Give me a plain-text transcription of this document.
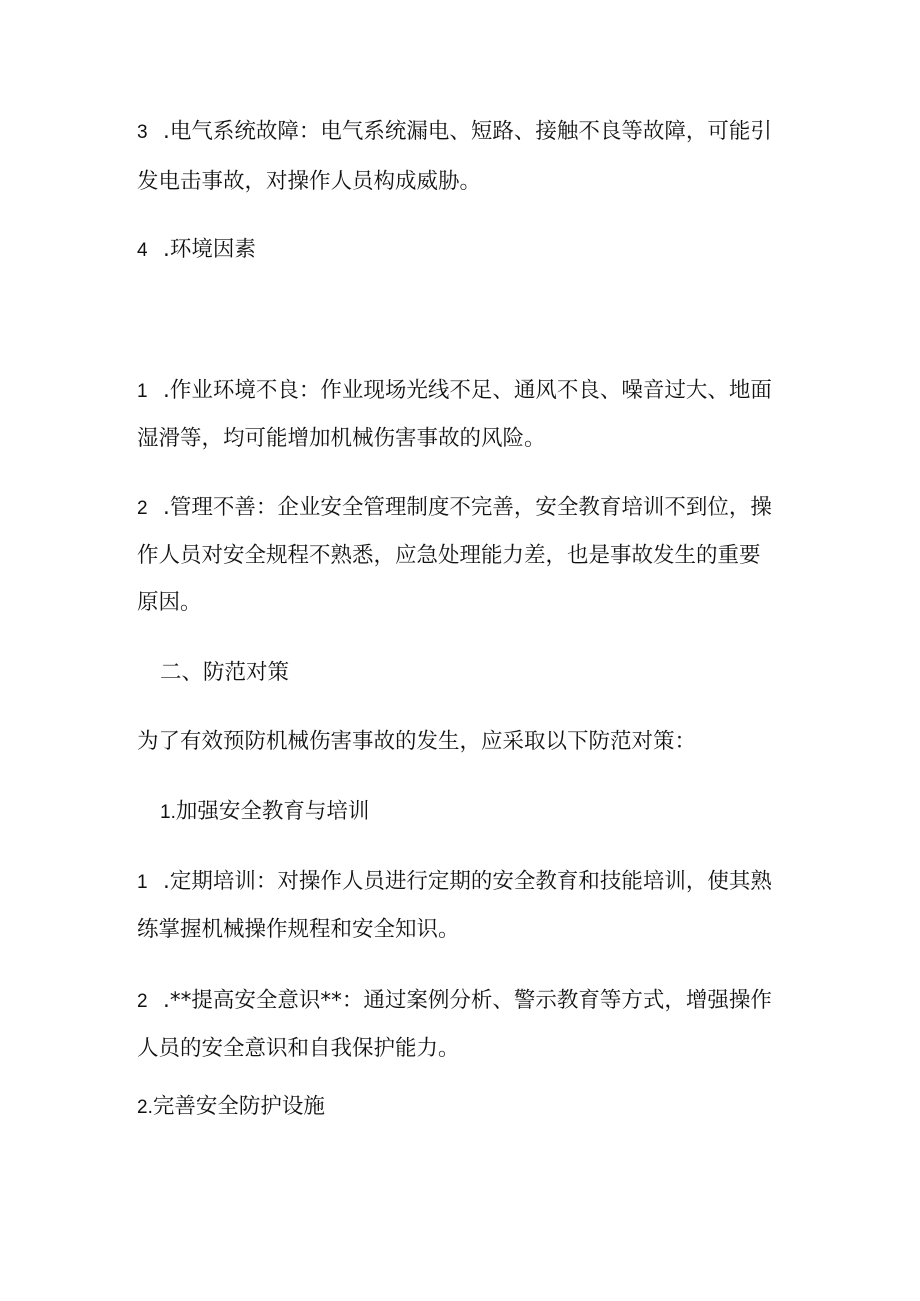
3 .电气系统故障：电气系统漏电、短路、接触不良等故障，可能引
发电击事故，对操作人员构成威胁。
4 .环境因素
1 .作业环境不良：作业现场光线不足、通风不良、噪音过大、地面
湿滑等，均可能增加机械伤害事故的风险。
2 .管理不善：企业安全管理制度不完善，安全教育培训不到位，操
作人员对安全规程不熟悉，应急处理能力差，也是事故发生的重要
原因。
二、防范对策
为了有效预防机械伤害事故的发生，应采取以下防范对策：
1.加强安全教育与培训
1 .定期培训：对操作人员进行定期的安全教育和技能培训，使其熟
练掌握机械操作规程和安全知识。
2 .**提高安全意识**：通过案例分析、警示教育等方式，增强操作
人员的安全意识和自我保护能力。
2.完善安全防护设施
